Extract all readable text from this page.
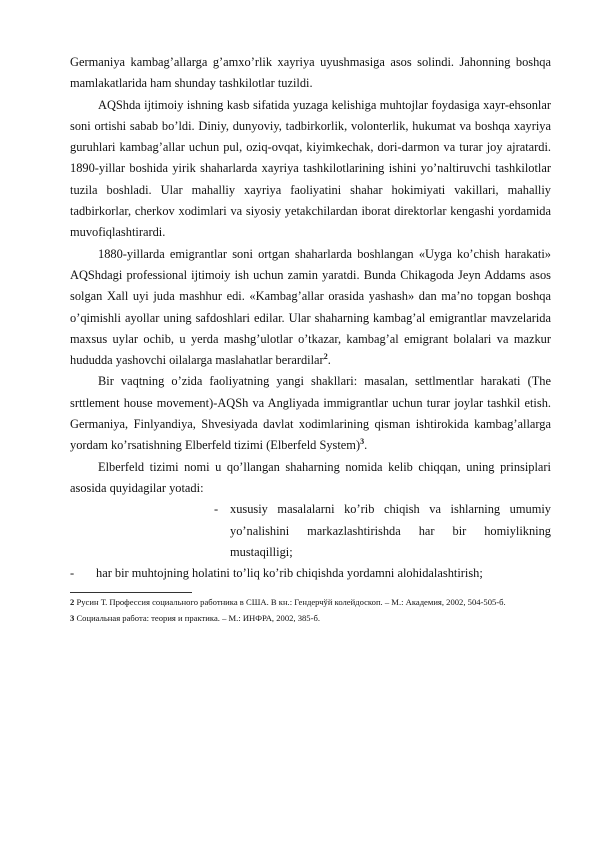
Germaniya kambag’allarga g’amxo’rlik xayriya uyushmasiga asos solindi. Jahonning boshqa mamlakatlarida ham shunday tashkilotlar tuzildi.

AQShda ijtimoiy ishning kasb sifatida yuzaga kelishiga muhtojlar foydasiga xayr-ehsonlar soni ortishi sabab bo’ldi. Diniy, dunyoviy, tadbirkorlik, volonterlik, hukumat va boshqa xayriya guruhlari kambag’allar uchun pul, oziq-ovqat, kiyimkechak, dori-darmon va turar joy ajratardi. 1890-yillar boshida yirik shaharlarda xayriya tashkilotlarining ishini yo’naltiruvchi tashkilotlar tuzila boshladi. Ular mahalliy xayriya faoliyatini shahar hokimiyati vakillari, mahalliy tadbirkorlar, cherkov xodimlari va siyosiy yetakchilardan iborat direktorlar kengashi yordamida muvofiqlashtirardi.

1880-yillarda emigrantlar soni ortgan shaharlarda boshlangan «Uyga ko’chish harakati» AQShdagi professional ijtimoiy ish uchun zamin yaratdi. Bunda Chikagoda Jeyn Addams asos solgan Xall uyi juda mashhur edi. «Kambag’allar orasida yashash» dan ma’no topgan boshqa o’qimishli ayollar uning safdoshlari edilar. Ular shaharning kambag’al emigrantlar mavzelarida maxsus uylar ochib, u yerda mashg’ulotlar o’tkazar, kambag’al emigrant bolalari va mazkur hududda yashovchi oilalarga maslahatlar berardilar$^2$.

Bir vaqtning o’zida faoliyatning yangi shakllari: masalan, settlmentlar harakati (The srttlement house movement)-AQSh va Angliyada immigrantlar uchun turar joylar tashkil etish. Germaniya, Finlyandiya, Shvesiyada davlat xodimlarining qisman ishtirokida kambag’allarga yordam ko’rsatishning Elberfeld tizimi (Elberfeld System)$^3$.

Elberfeld tizimi nomi u qo’llangan shaharning nomida kelib chiqqan, uning prinsiplari asosida quyidagilar yotadi:

- xususiy masalalarni ko’rib chiqish va ishlarning umumiy yo’nalishini markazlashtirishda har bir homiylikning mustaqilligi;
- har bir muhtojning holatini to’liq ko’rib chiqishda yordamni alohidalashtirish;

2 Русин Т. Профессия социального работника в США. В кн.: Гендерчўй колейдоскоп. – М.: Академия, 2002, 504-505-б.

3 Социальная работа: теория и практика. – М.: ИНФРА, 2002, 385-б.
